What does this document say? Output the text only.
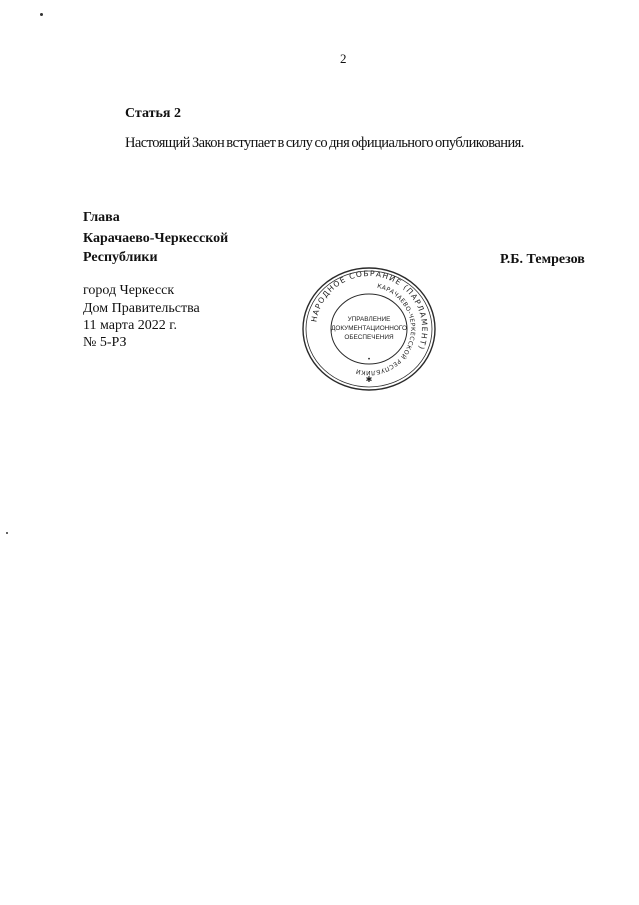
2
Статья 2
Настоящий Закон вступает в силу со дня официального опубликования.
Глава
Карачаево-Черкесской
Республики	Р.Б. Темрезов
город Черкесск
Дом Правительства
11 марта 2022 г.
№ 5-РЗ
НАРОДНОЕ СОБРАНИЕ (ПАРЛАМЕНТ)
КАРАЧАЕВО-ЧЕРКЕССКОЙ РЕСПУБЛИКИ
УПРАВЛЕНИЕ
ДОКУМЕНТАЦИОННОГО
ОБЕСПЕЧЕНИЯ
•
✱
